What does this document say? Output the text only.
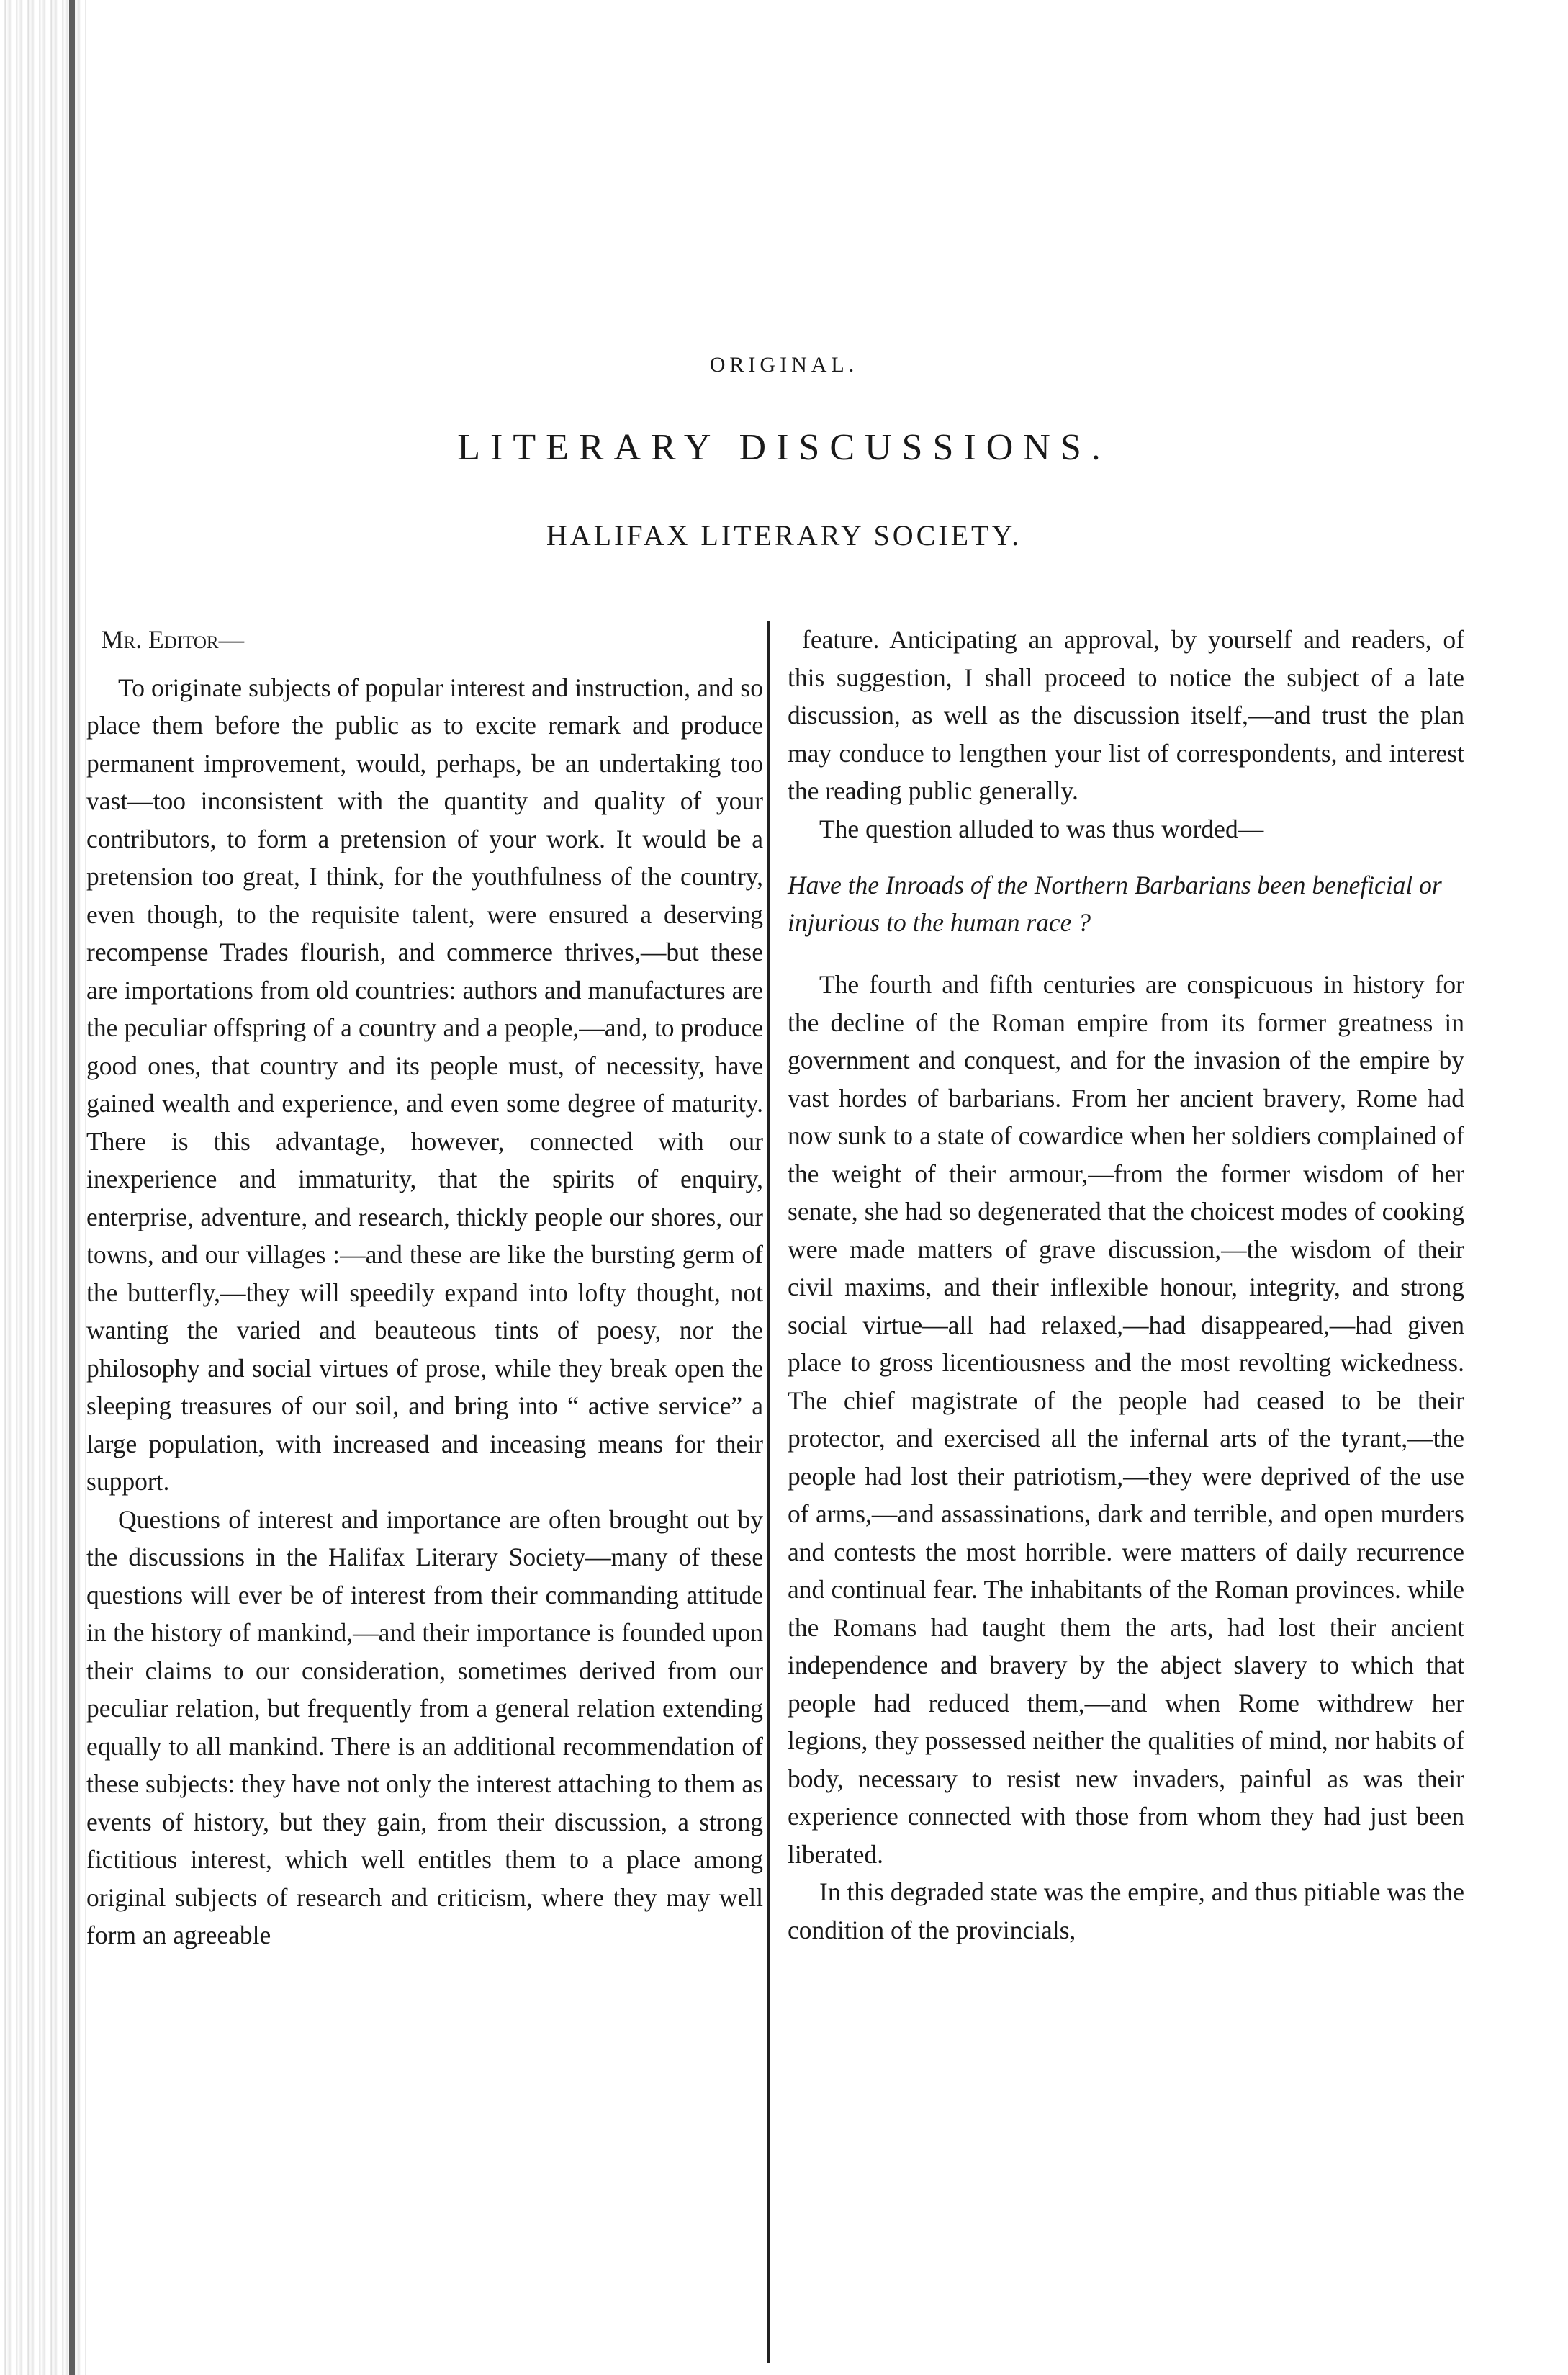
ORIGINAL.
LITERARY DISCUSSIONS.
HALIFAX LITERARY SOCIETY.

Mr. Editor—

To originate subjects of popular interest and instruction, and so place them before the public as to excite remark and produce permanent improvement, would, perhaps, be an undertaking too vast—too inconsistent with the quantity and quality of your contributors, to form a pretension of your work. It would be a pretension too great, I think, for the youthfulness of the country, even though, to the requisite talent, were ensured a deserving recompense Trades flourish, and commerce thrives,—but these are importations from old countries: authors and manufactures are the peculiar offspring of a country and a people,—and, to produce good ones, that country and its people must, of necessity, have gained wealth and experience, and even some degree of maturity. There is this advantage, however, connected with our inexperience and immaturity, that the spirits of enquiry, enterprise, adventure, and research, thickly people our shores, our towns, and our villages :—and these are like the bursting germ of the butterfly,—they will speedily expand into lofty thought, not wanting the varied and beauteous tints of poesy, nor the philosophy and social virtues of prose, while they break open the sleeping treasures of our soil, and bring into “ active service” a large population, with increased and inceasing means for their support.

Questions of interest and importance are often brought out by the discussions in the Halifax Literary Society—many of these questions will ever be of interest from their commanding attitude in the history of mankind,—and their importance is founded upon their claims to our consideration, sometimes derived from our peculiar relation, but frequently from a general relation extending equally to all mankind. There is an additional recommendation of these subjects: they have not only the interest attaching to them as events of history, but they gain, from their discussion, a strong fictitious interest, which well entitles them to a place among original subjects of research and criticism, where they may well form an agreeable

feature. Anticipating an approval, by yourself and readers, of this suggestion, I shall proceed to notice the subject of a late discussion, as well as the discussion itself,—and trust the plan may conduce to lengthen your list of correspondents, and interest the reading public generally.

The question alluded to was thus worded—

Have the Inroads of the Northern Barbarians been beneficial or injurious to the human race ?

The fourth and fifth centuries are conspicuous in history for the decline of the Roman empire from its former greatness in government and conquest, and for the invasion of the empire by vast hordes of barbarians. From her ancient bravery, Rome had now sunk to a state of cowardice when her soldiers complained of the weight of their armour,—from the former wisdom of her senate, she had so degenerated that the choicest modes of cooking were made matters of grave discussion,—the wisdom of their civil maxims, and their inflexible honour, integrity, and strong social virtue—all had relaxed,—had disappeared,—had given place to gross licentiousness and the most revolting wickedness. The chief magistrate of the people had ceased to be their protector, and exercised all the infernal arts of the tyrant,—the people had lost their patriotism,—they were deprived of the use of arms,—and assassinations, dark and terrible, and open murders and contests the most horrible. were matters of daily recurrence and continual fear. The inhabitants of the Roman provinces. while the Romans had taught them the arts, had lost their ancient independence and bravery by the abject slavery to which that people had reduced them,—and when Rome withdrew her legions, they possessed neither the qualities of mind, nor habits of body, necessary to resist new invaders, painful as was their experience connected with those from whom they had just been liberated.

In this degraded state was the empire, and thus pitiable was the condition of the provincials,
